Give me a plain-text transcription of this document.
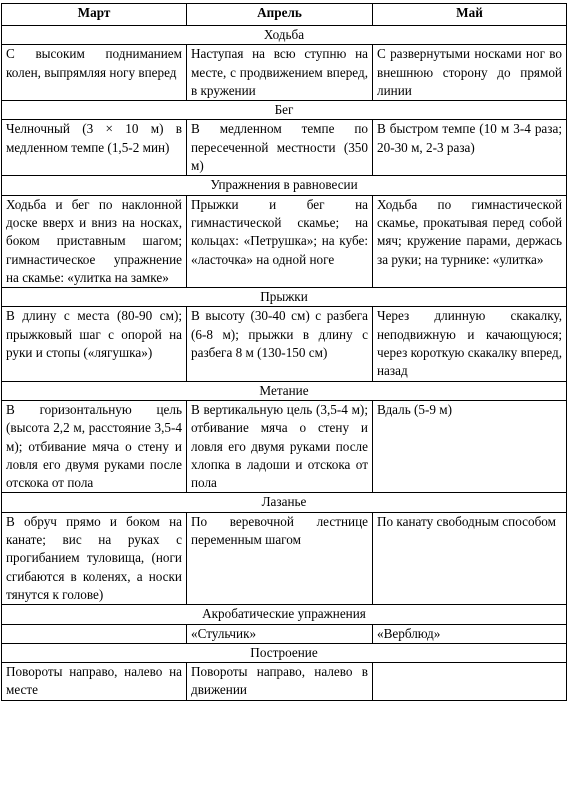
Март	Апрель	Май
Ходьба		
С высоким подниманием колен, выпрямляя ногу вперед	Наступая на всю ступню на месте, с продвижением вперед, в кружении	С развернутыми носками ног во внешнюю сторону до прямой линии
Бег		
Челночный (3 × 10 м) в медленном темпе (1,5-2 мин)	В медленном темпе по пересеченной местности (350 м)	В быстром темпе (10 м 3-4 раза; 20-30 м, 2-3 раза)
Упражнения в равновесии		
Ходьба и бег по наклонной доске вверх и вниз на носках, боком приставным шагом; гимнастическое упражнение на скамье: «улитка на замке»	Прыжки и бег на гимнастической скамье; на кольцах: «Петрушка»; на кубе: «ласточка» на одной ноге	Ходьба по гимнастической скамье, прокатывая перед собой мяч; кружение парами, держась за руки; на турнике: «улитка»
Прыжки		
В длину с места (80-90 см); прыжковый шаг с опорой на руки и стопы («лягушка»)	В высоту (30-40 см) с разбега (6-8 м); прыжки в длину с разбега 8 м (130-150 см)	Через длинную скакалку, неподвижную и качающуюся; через короткую скакалку вперед, назад
Метание		
В горизонтальную цель (высота 2,2 м, расстояние 3,5-4 м); отбивание мяча о стену и ловля его двумя руками после отскока от пола	В вертикальную цель (3,5-4 м); отбивание мяча о стену и ловля его двумя руками после хлопка в ладоши и отскока от пола	Вдаль (5-9 м)
Лазанье		
В обруч прямо и боком на канате; вис на руках с прогибанием туловища, (ноги сгибаются в коленях, а носки тянутся к голове)	По веревочной лестнице переменным шагом	По канату свободным способом
Акробатические упражнения		
	«Стульчик»	«Верблюд»
Построение		
Повороты направо, налево на месте	Повороты направо, налево в движении	
